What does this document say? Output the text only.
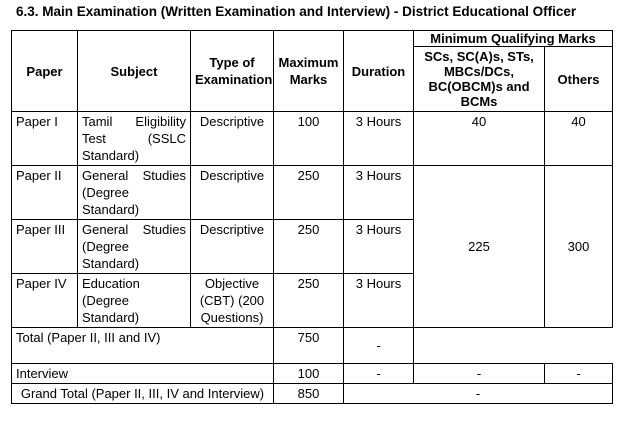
6.3. Main Examination (Written Examination and Interview) - District Educational Officer
Paper	Subject	Type of Examination	Maximum Marks	Duration	Minimum Qualifying Marks	
					SCs, SC(A)s, STs, MBCs/DCs, BC(OBCM)s and BCMs	Others
Paper I	Tamil Eligibility Test (SSLC Standard)	Descriptive	100	3 Hours	40	40
Paper II	General Studies (Degree Standard)	Descriptive	250	3 Hours	225	300
Paper III	General Studies (Degree Standard)	Descriptive	250	3 Hours		
Paper IV	Education (Degree Standard)	Objective (CBT) (200 Questions)	250	3 Hours		
Total (Paper II, III and IV)			750	-		
Interview			100	-	-	-
Grand Total (Paper II, III, IV and Interview)			850	-		
